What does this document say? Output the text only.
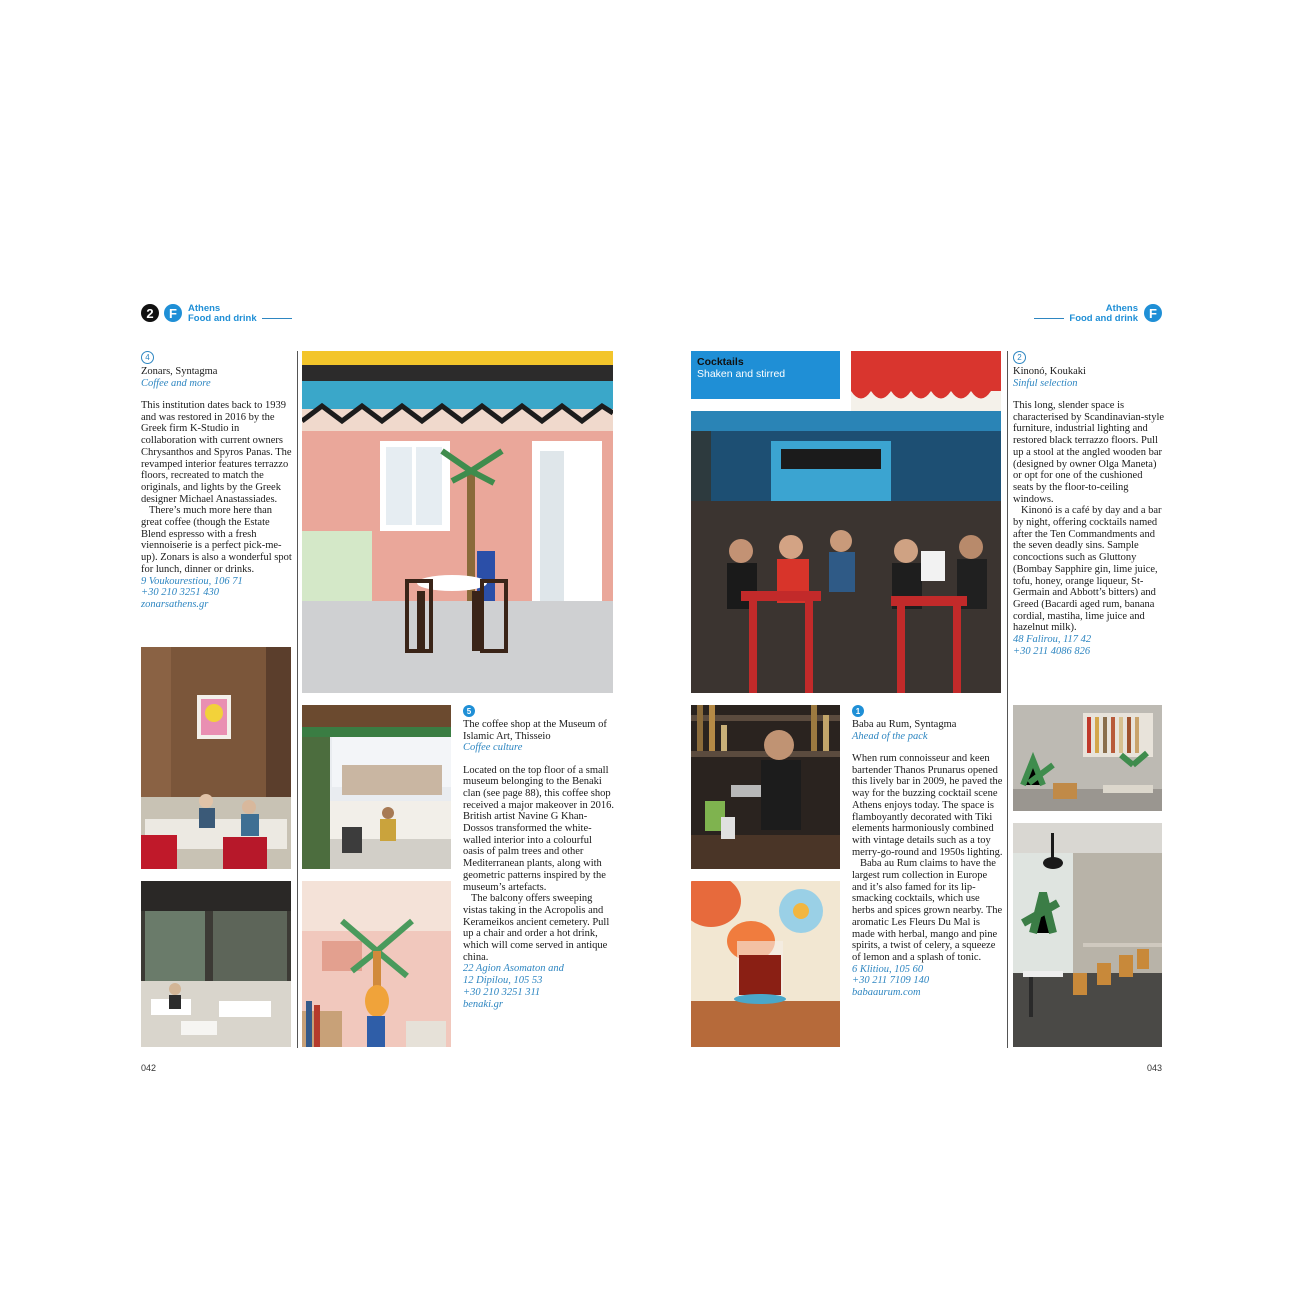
2 F Athens
Food and drink
4
Zonars, Syntagma
Coffee and more

This institution dates back to 1939 and was restored in 2016 by the Greek firm K-Studio in collaboration with current owners Chrysanthos and Spyros Panas. The revamped interior features terrazzo floors, recreated to match the originals, and lights by the Greek designer Michael Anastassiades.

There’s much more here than great coffee (though the Estate Blend espresso with a fresh viennoiserie is a perfect pick-me-up). Zonars is also a wonderful spot for lunch, dinner or drinks.

9 Voukourestiou, 106 71
+30 210 3251 430
zonarsathens.gr
5
The coffee shop at the Museum of Islamic Art, Thisseio
Coffee culture

Located on the top floor of a small museum belonging to the Benaki clan (see page 88), this coffee shop received a major makeover in 2016. British artist Navine G Khan-Dossos transformed the white-walled interior into a colourful oasis of palm trees and other Mediterranean plants, along with geometric patterns inspired by the museum’s artefacts.

The balcony offers sweeping vistas taking in the Acropolis and Kerameikos ancient cemetery. Pull up a chair and order a hot drink, which will come served in antique china.

22 Agion Asomaton and
12 Dipilou, 105 53
+30 210 3251 311
benaki.gr
042
Athens
Food and drink F
Cocktails
Shaken and stirred
1
Baba au Rum, Syntagma
Ahead of the pack

When rum connoisseur and keen bartender Thanos Prunarus opened this lively bar in 2009, he paved the way for the buzzing cocktail scene Athens enjoys today. The space is flamboyantly decorated with Tiki elements harmoniously combined with vintage details such as a toy merry-go-round and 1950s lighting.

Baba au Rum claims to have the largest rum collection in Europe and it’s also famed for its lip-smacking cocktails, which use herbs and spices grown nearby. The aromatic Les Fleurs Du Mal is made with herbal, mango and pine spirits, a twist of celery, a squeeze of lemon and a splash of tonic.

6 Klitiou, 105 60
+30 211 7109 140
babaaurum.com
2
Kinonó, Koukaki
Sinful selection

This long, slender space is characterised by Scandinavian-style furniture, industrial lighting and restored black terrazzo floors. Pull up a stool at the angled wooden bar (designed by owner Olga Maneta) or opt for one of the cushioned seats by the floor-to-ceiling windows.

Kinonó is a café by day and a bar by night, offering cocktails named after the Ten Commandments and the seven deadly sins. Sample concoctions such as Gluttony (Bombay Sapphire gin, lime juice, tofu, honey, orange liqueur, St-Germain and Abbott’s bitters) and Greed (Bacardi aged rum, banana cordial, mastiha, lime juice and hazelnut milk).

48 Falirou, 117 42
+30 211 4086 826
043
